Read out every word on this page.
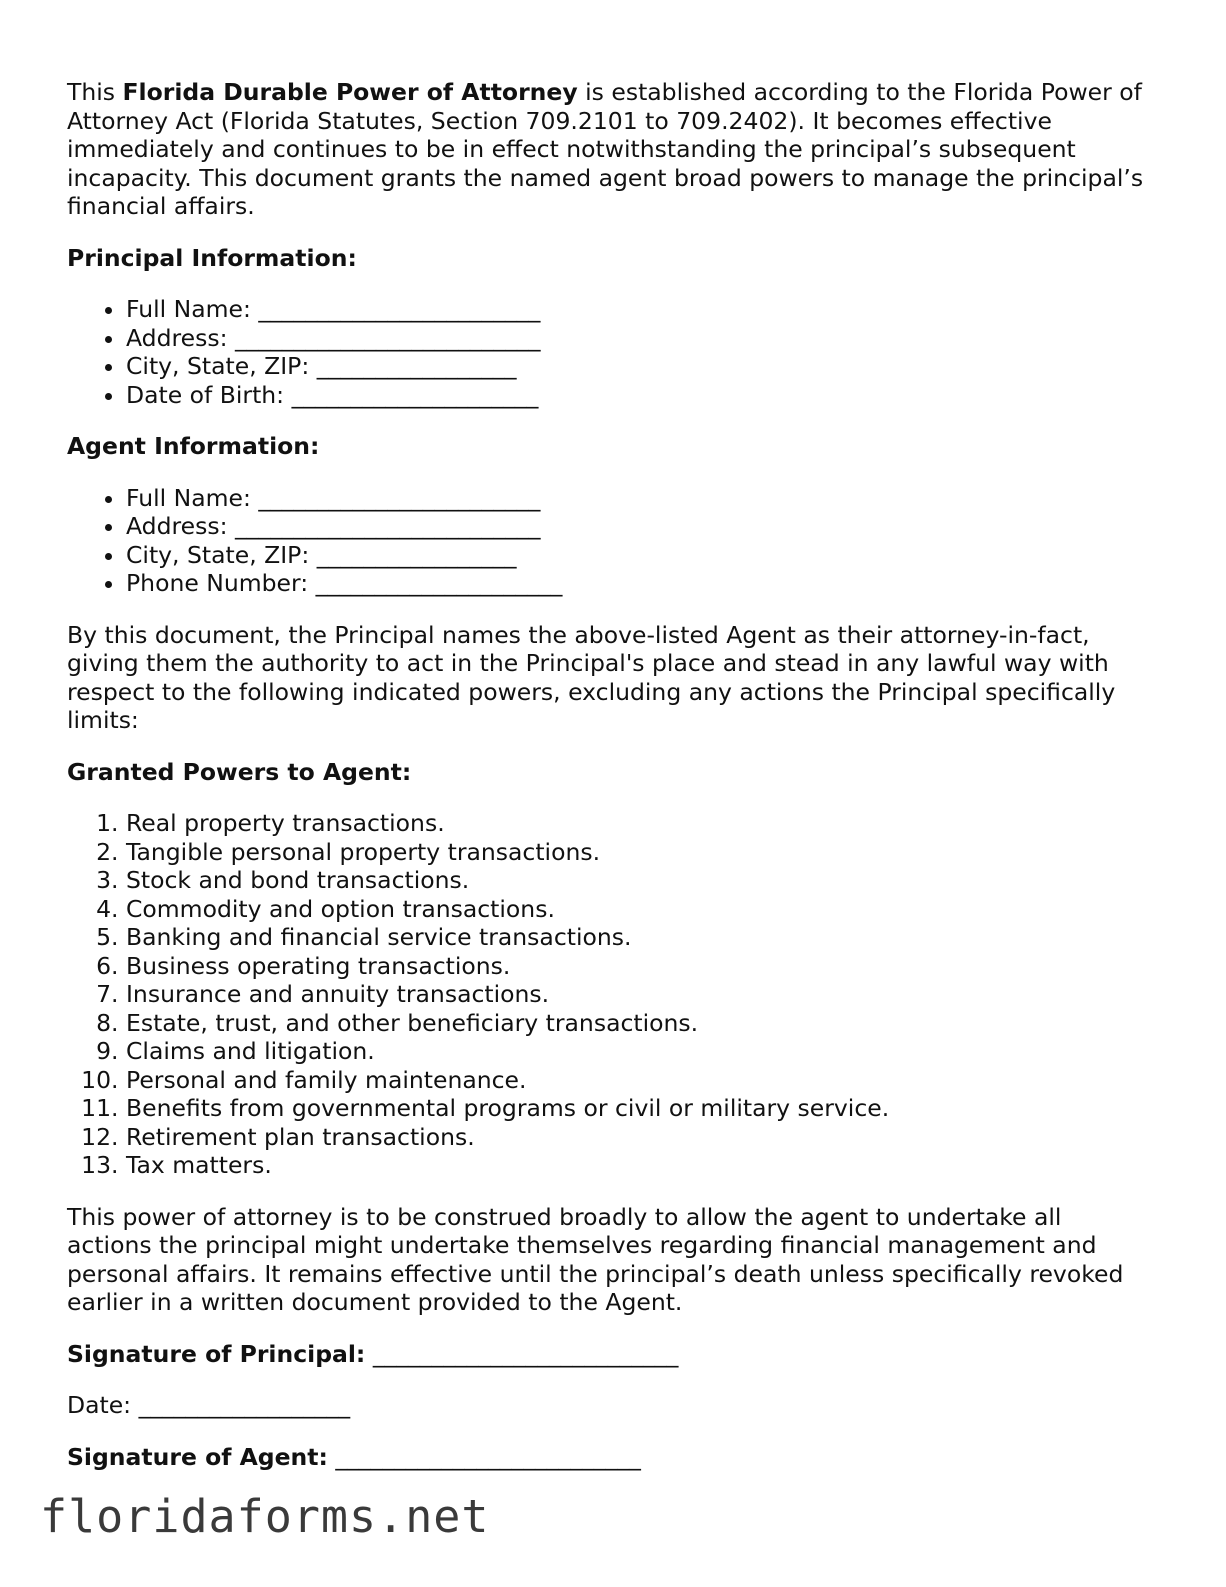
This Florida Durable Power of Attorney is established according to the Florida Power of Attorney Act (Florida Statutes, Section 709.2101 to 709.2402). It becomes effective immediately and continues to be in effect notwithstanding the principal’s subsequent incapacity. This document grants the named agent broad powers to manage the principal’s financial affairs.

Principal Information:

• Full Name: ________________________
• Address: __________________________
• City, State, ZIP: _________________
• Date of Birth: _____________________

Agent Information:

• Full Name: ________________________
• Address: __________________________
• City, State, ZIP: _________________
• Phone Number: _____________________

By this document, the Principal names the above-listed Agent as their attorney-in-fact, giving them the authority to act in the Principal's place and stead in any lawful way with respect to the following indicated powers, excluding any actions the Principal specifically limits:

Granted Powers to Agent:

1. Real property transactions.
2. Tangible personal property transactions.
3. Stock and bond transactions.
4. Commodity and option transactions.
5. Banking and financial service transactions.
6. Business operating transactions.
7. Insurance and annuity transactions.
8. Estate, trust, and other beneficiary transactions.
9. Claims and litigation.
10. Personal and family maintenance.
11. Benefits from governmental programs or civil or military service.
12. Retirement plan transactions.
13. Tax matters.

This power of attorney is to be construed broadly to allow the agent to undertake all actions the principal might undertake themselves regarding financial management and personal affairs. It remains effective until the principal’s death unless specifically revoked earlier in a written document provided to the Agent.

Signature of Principal: __________________________

Date: __________________

Signature of Agent: __________________________

floridaforms.net
